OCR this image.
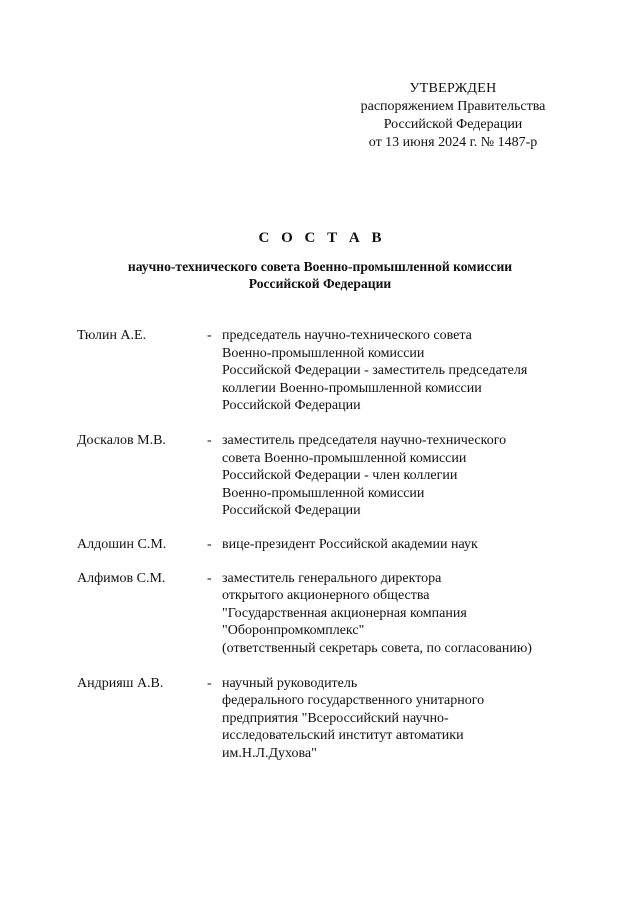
УТВЕРЖДЕН
распоряжением Правительства
Российской Федерации
от 13 июня 2024 г. № 1487-р
С О С Т А В
научно-технического совета Военно-промышленной комиссии
Российской Федерации
Тюлин А.Е.	- председатель научно-технического совета
Военно-промышленной комиссии
Российской Федерации - заместитель председателя
коллегии Военно-промышленной комиссии
Российской Федерации
Доскалов М.В.	- заместитель председателя научно-технического
совета Военно-промышленной комиссии
Российской Федерации - член коллегии
Военно-промышленной комиссии
Российской Федерации
Алдошин С.М.	- вице-президент Российской академии наук
Алфимов С.М.	- заместитель генерального директора
открытого акционерного общества
"Государственная акционерная компания
"Оборонпромкомплекс"
(ответственный секретарь совета, по согласованию)
Андрияш А.В.	- научный руководитель
федерального государственного унитарного
предприятия "Всероссийский научно-
исследовательский институт автоматики
им.Н.Л.Духова"
